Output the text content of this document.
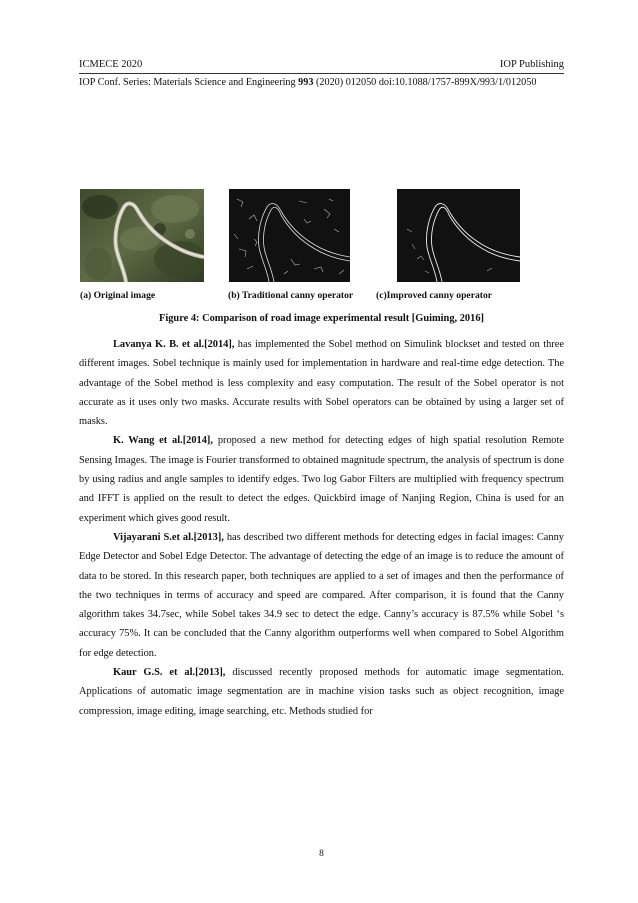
ICMECE 2020	IOP Publishing
IOP Conf. Series: Materials Science and Engineering 993 (2020) 012050 doi:10.1088/1757-899X/993/1/012050
(a) Original image	(b) Traditional canny operator (c)Improved canny operator
Figure 4: Comparison of road image experimental result [Guiming, 2016]

Lavanya K. B. et al.[2014], has implemented the Sobel method on Simulink blockset and tested on three different images. Sobel technique is mainly used for implementation in hardware and real-time edge detection. The advantage of the Sobel method is less complexity and easy computation. The result of the Sobel operator is not accurate as it uses only two masks. Accurate results with Sobel operators can be obtained by using a larger set of masks.

K. Wang et al.[2014], proposed a new method for detecting edges of high spatial resolution Remote Sensing Images. The image is Fourier transformed to obtained magnitude spectrum, the analysis of spectrum is done by using radius and angle samples to identify edges. Two log Gabor Filters are multiplied with frequency spectrum and IFFT is applied on the result to detect the edges. Quickbird image of Nanjing Region, China is used for an experiment which gives good result.

Vijayarani S.et al.[2013], has described two different methods for detecting edges in facial images: Canny Edge Detector and Sobel Edge Detector. The advantage of detecting the edge of an image is to reduce the amount of data to be stored. In this research paper, both techniques are applied to a set of images and then the performance of the two techniques in terms of accuracy and speed are compared. After comparison, it is found that the Canny algorithm takes 34.7sec, while Sobel takes 34.9 sec to detect the edge. Canny’s accuracy is 87.5% while Sobel ‘s accuracy 75%. It can be concluded that the Canny algorithm outperforms well when compared to Sobel Algorithm for edge detection.

Kaur G.S. et al.[2013], discussed recently proposed methods for automatic image segmentation. Applications of automatic image segmentation are in machine vision tasks such as object recognition, image compression, image editing, image searching, etc. Methods studied for

8
